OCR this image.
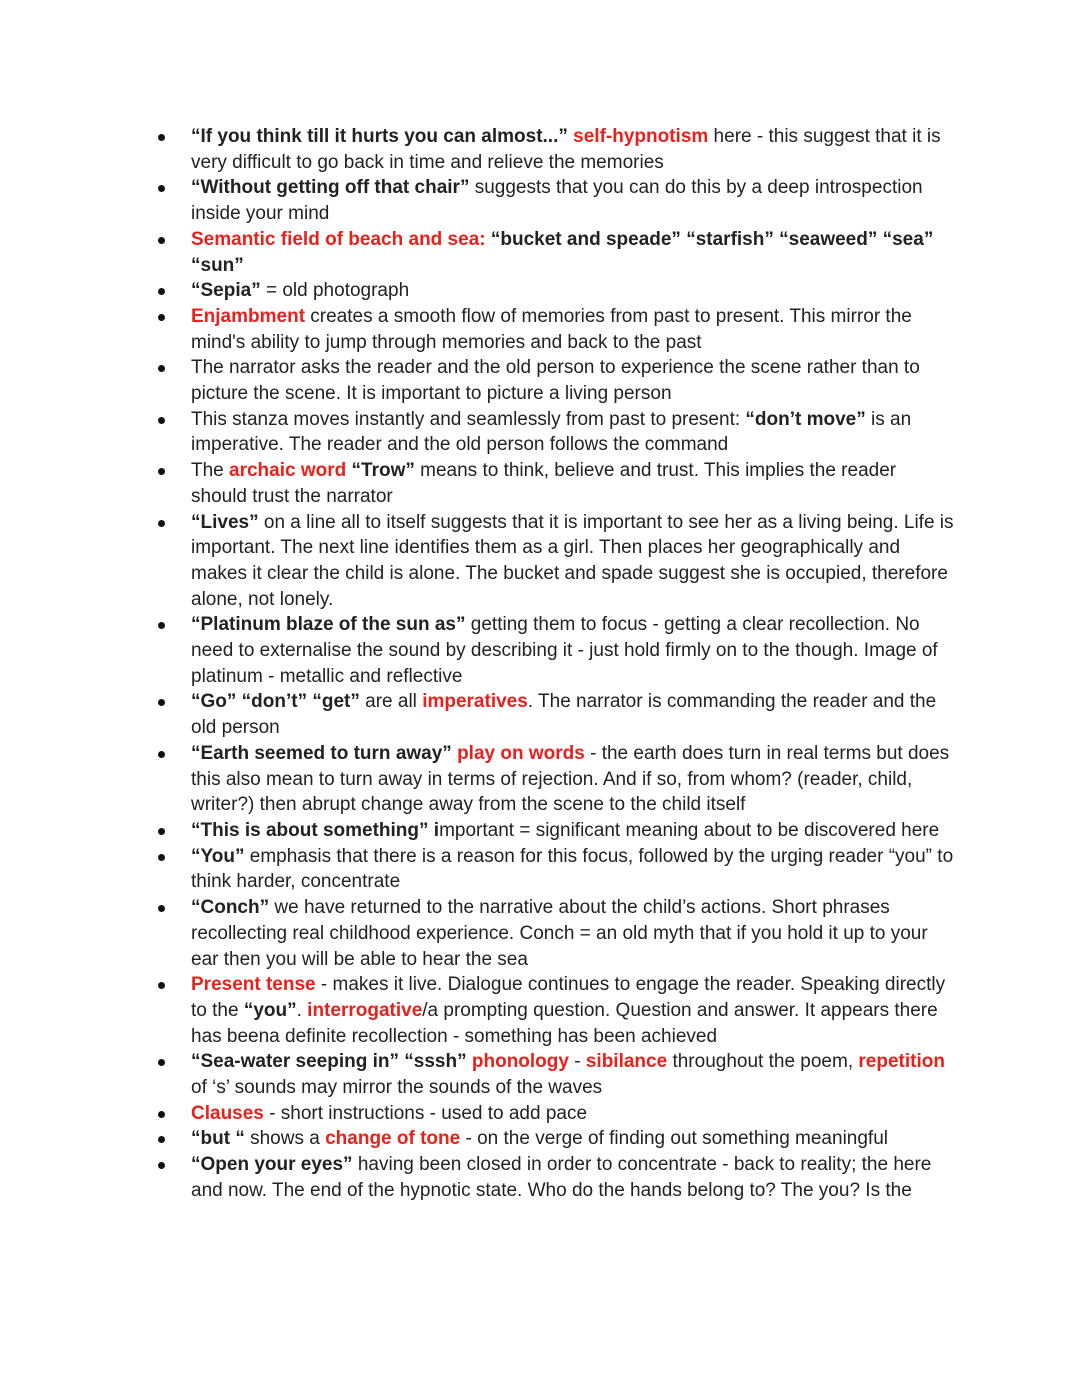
“If you think till it hurts you can almost...” self-hypnotism here - this suggest that it is very difficult to go back in time and relieve the memories
“Without getting off that chair” suggests that you can do this by a deep introspection inside your mind
Semantic field of beach and sea: “bucket and speade” “starfish” “seaweed” “sea” “sun”
“Sepia” = old photograph
Enjambment creates a smooth flow of memories from past to present. This mirror the mind's ability to jump through memories and back to the past
The narrator asks the reader and the old person to experience the scene rather than to picture the scene. It is important to picture a living person
This stanza moves instantly and seamlessly from past to present: “don’t move” is an imperative. The reader and the old person follows the command
The archaic word “Trow” means to think, believe and trust. This implies the reader should trust the narrator
“Lives” on a line all to itself suggests that it is important to see her as a living being. Life is important. The next line identifies them as a girl. Then places her geographically and makes it clear the child is alone. The bucket and spade suggest she is occupied, therefore alone, not lonely.
“Platinum blaze of the sun as” getting them to focus - getting a clear recollection. No need to externalise the sound by describing it - just hold firmly on to the though. Image of platinum - metallic and reflective
“Go” “don’t” “get” are all imperatives. The narrator is commanding the reader and the old person
“Earth seemed to turn away” play on words - the earth does turn in real terms but does this also mean to turn away in terms of rejection. And if so, from whom? (reader, child, writer?) then abrupt change away from the scene to the child itself
“This is about something” important = significant meaning about to be discovered here
“You” emphasis that there is a reason for this focus, followed by the urging reader “you” to think harder, concentrate
“Conch” we have returned to the narrative about the child’s actions. Short phrases recollecting real childhood experience. Conch = an old myth that if you hold it up to your ear then you will be able to hear the sea
Present tense - makes it live. Dialogue continues to engage the reader. Speaking directly to the “you”. interrogative/a prompting question. Question and answer. It appears there has beena definite recollection - something has been achieved
“Sea-water seeping in” “sssh” phonology - sibilance throughout the poem, repetition of ‘s’ sounds may mirror the sounds of the waves
Clauses - short instructions - used to add pace
“but “ shows a change of tone - on the verge of finding out something meaningful
“Open your eyes” having been closed in order to concentrate - back to reality; the here and now. The end of the hypnotic state. Who do the hands belong to? The you? Is the
